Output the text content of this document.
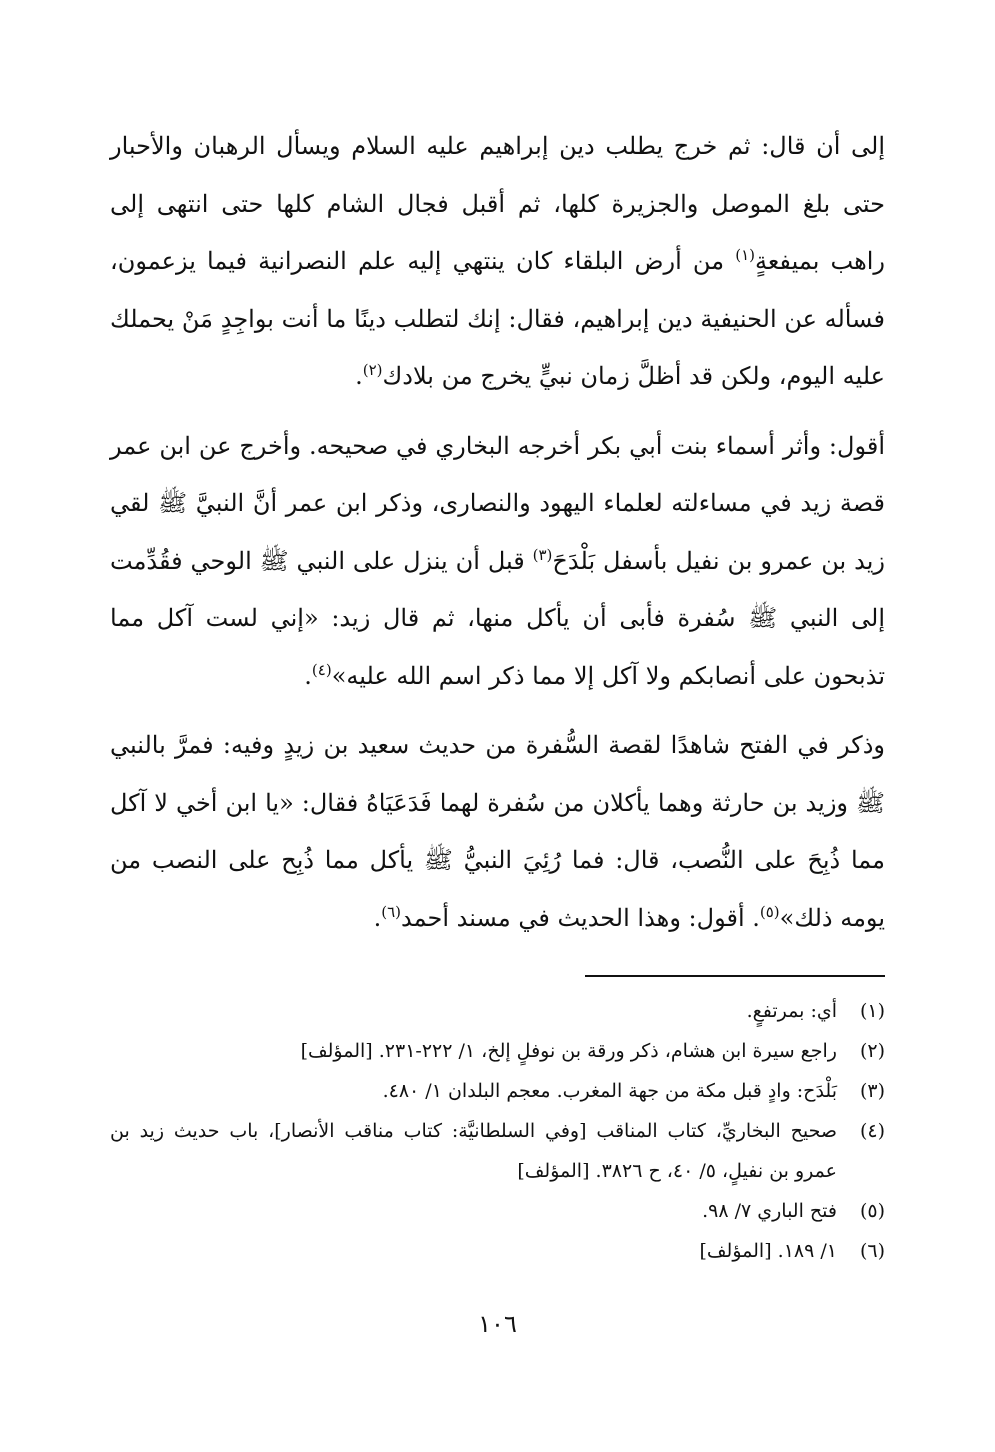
إلى أن قال: ثم خرج يطلب دين إبراهيم عليه السلام ويسأل الرهبان والأحبار حتى بلغ الموصل والجزيرة كلها، ثم أقبل فجال الشام كلها حتى انتهى إلى راهب بميفعةٍ$^{(١)}$ من أرض البلقاء كان ينتهي إليه علم النصرانية فيما يزعمون، فسأله عن الحنيفية دين إبراهيم، فقال: إنك لتطلب دينًا ما أنت بواجِدٍ مَنْ يحملك عليه اليوم، ولكن قد أظلَّ زمان نبيٍّ يخرج من بلادك$^{(٢)}$.

أقول: وأثر أسماء بنت أبي بكر أخرجه البخاري في صحيحه. وأخرج عن ابن عمر قصة زيد في مساءلته لعلماء اليهود والنصارى، وذكر ابن عمر أنَّ النبيَّ ﷺ لقي زيد بن عمرو بن نفيل بأسفل بَلْدَحَ$^{(٣)}$ قبل أن ينزل على النبي ﷺ الوحي فقُدِّمت إلى النبي ﷺ سُفرة فأبى أن يأكل منها، ثم قال زيد: «إني لست آكل مما تذبحون على أنصابكم ولا آكل إلا مما ذكر اسم الله عليه»$^{(٤)}$.

وذكر في الفتح شاهدًا لقصة السُّفرة من حديث سعيد بن زيدٍ وفيه: فمرَّ بالنبي ﷺ وزيد بن حارثة وهما يأكلان من سُفرة لهما فَدَعَيَاهُ فقال: «يا ابن أخي لا آكل مما ذُبِحَ على النُّصب، قال: فما رُئِيَ النبيُّ ﷺ يأكل مما ذُبِح على النصب من يومه ذلك»$^{(٥)}$. أقول: وهذا الحديث في مسند أحمد$^{(٦)}$.

(١)
أي: بمرتفعٍ.
(٢)
راجع سيرة ابن هشام، ذكر ورقة بن نوفلٍ إلخ، ١/ ٢٢٢-٢٣١. [المؤلف]
(٣)
بَلْدَح: وادٍ قبل مكة من جهة المغرب. معجم البلدان ١/ ٤٨٠.
(٤)
صحيح البخاريِّ، كتاب المناقب [وفي السلطانيَّة: كتاب مناقب الأنصار]، باب حديث زيد بن عمرو بن نفيلٍ، ٥/ ٤٠، ح ٣٨٢٦. [المؤلف]
(٥)
فتح الباري ٧/ ٩٨.
(٦)
١/ ١٨٩. [المؤلف]
١٠٦
